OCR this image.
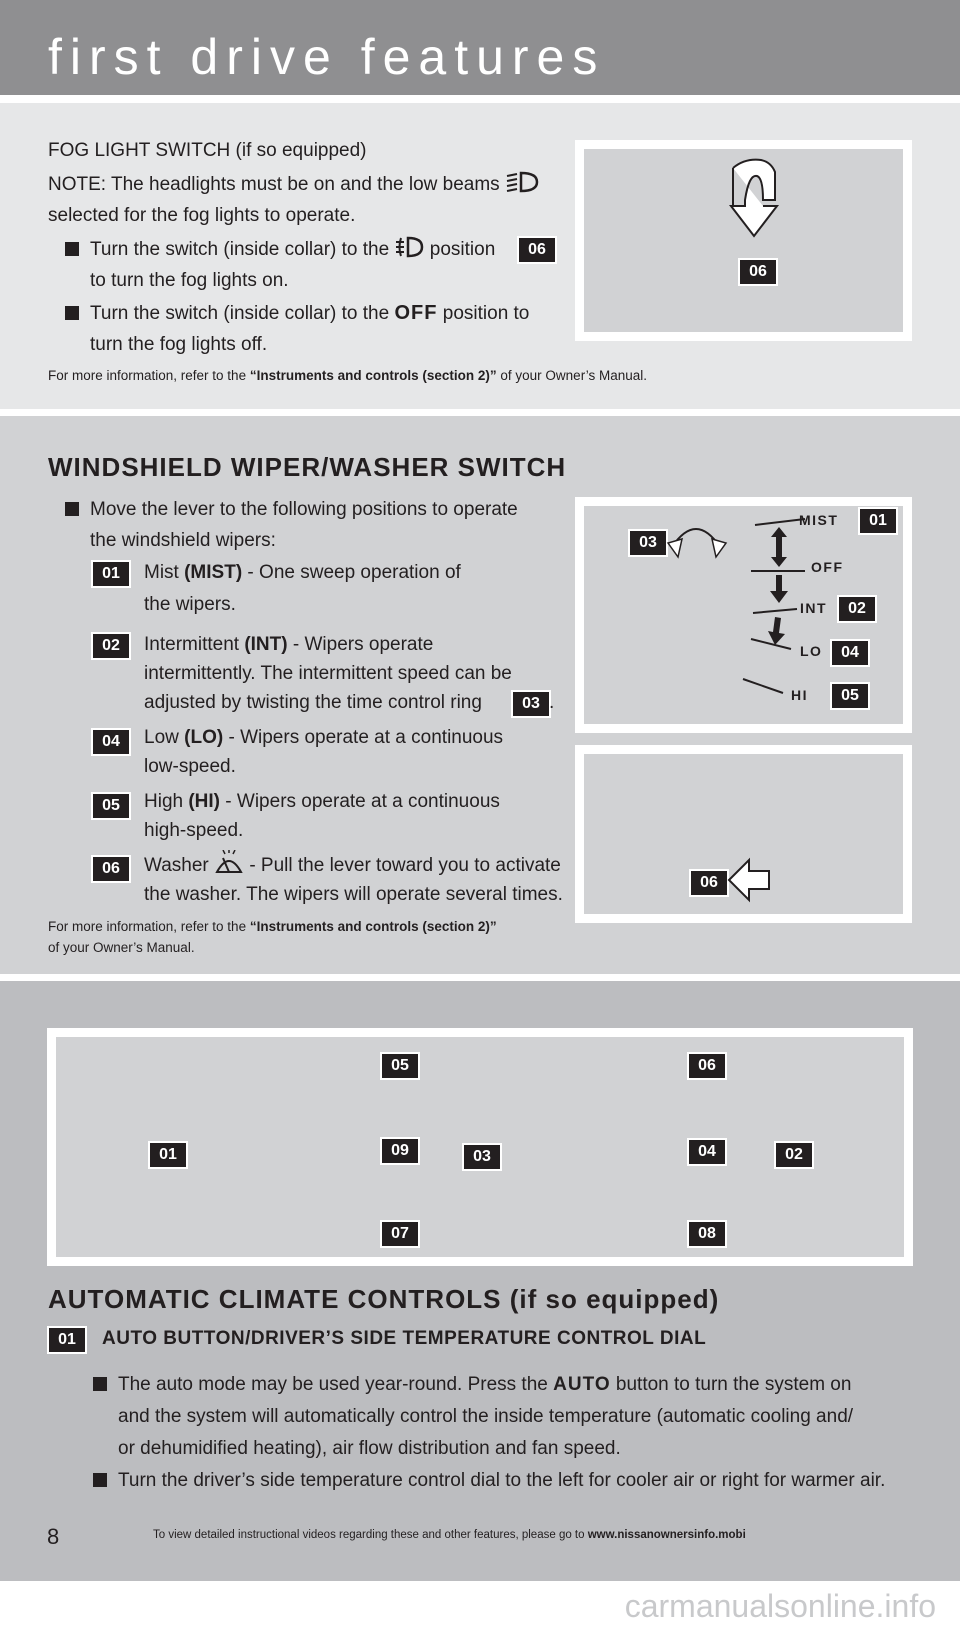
first drive features
FOG LIGHT SWITCH (if so equipped)
NOTE: The headlights must be on and the low beams
selected for the fog lights to operate.
Turn the switch (inside collar) to the position	06
to turn the fog lights on.
Turn the switch (inside collar) to the OFF position to
turn the fog lights off.
For more information, refer to the “Instruments and controls (section 2)” of your Owner’s Manual.
06
WINDSHIELD WIPER/WASHER SWITCH
Move the lever to the following positions to operate
the windshield wipers:
01	Mist (MIST) - One sweep operation of
the wipers.
02	Intermittent (INT) - Wipers operate
intermittently. The intermittent speed can be
adjusted by twisting the time control ring	03 .
04	Low (LO) - Wipers operate at a continuous
low-speed.
05	High (HI) - Wipers operate at a continuous
high-speed.
06	Washer  - Pull the lever toward you to activate
the washer. The wipers will operate several times.
For more information, refer to the “Instruments and controls (section 2)”
of your Owner’s Manual.
03
MIST	01
OFF
INT	02
LO	04
HI	05
06
05	06
01	09	03	04	02
07	08
AUTOMATIC CLIMATE CONTROLS (if so equipped)
01	AUTO BUTTON/DRIVER’S SIDE TEMPERATURE CONTROL DIAL
The auto mode may be used year-round. Press the AUTO button to turn the system on
and the system will automatically control the inside temperature (automatic cooling and/
or dehumidified heating), air flow distribution and fan speed.
Turn the driver’s side temperature control dial to the left for cooler air or right for warmer air.
8	To view detailed instructional videos regarding these and other features, please go to www.nissanownersinfo.mobi
carmanualsonline.info
